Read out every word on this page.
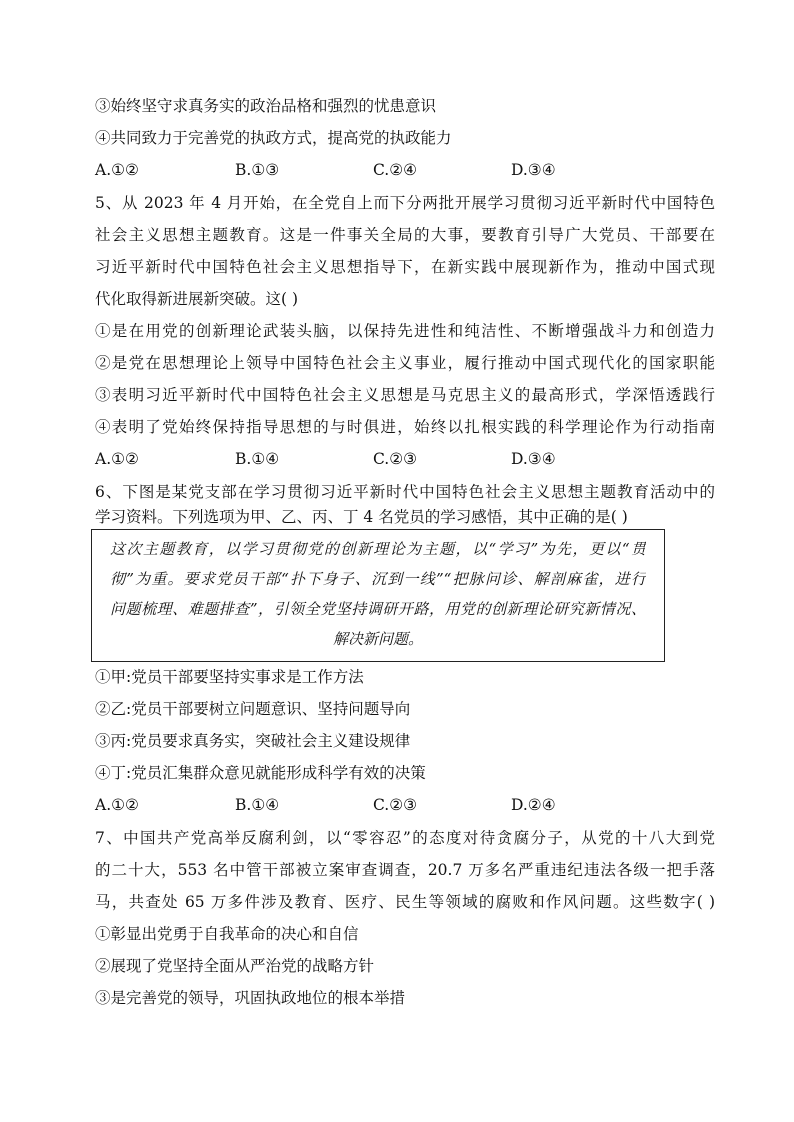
③始终坚守求真务实的政治品格和强烈的忧患意识
④共同致力于完善党的执政方式，提高党的执政能力
A.①②	B.①③	C.②④	D.③④
5、从 2023 年 4 月开始，在全党自上而下分两批开展学习贯彻习近平新时代中国特色
社会主义思想主题教育。这是一件事关全局的大事，要教育引导广大党员、干部要在
习近平新时代中国特色社会主义思想指导下，在新实践中展现新作为，推动中国式现
代化取得新进展新突破。这( )
①是在用党的创新理论武装头脑，以保持先进性和纯洁性、不断增强战斗力和创造力
②是党在思想理论上领导中国特色社会主义事业，履行推动中国式现代化的国家职能
③表明习近平新时代中国特色社会主义思想是马克思主义的最高形式，学深悟透践行
④表明了党始终保持指导思想的与时俱进，始终以扎根实践的科学理论作为行动指南
A.①②	B.①④	C.②③	D.③④
6、下图是某党支部在学习贯彻习近平新时代中国特色社会主义思想主题教育活动中的
学习资料。下列选项为甲、乙、丙、丁 4 名党员的学习感悟，其中正确的是( )
这次主题教育，以学习贯彻党的创新理论为主题，以“学习”为先，更以“贯
彻”为重。要求党员干部“扑下身子、沉到一线”“把脉问诊、解剖麻雀，进行
问题梳理、难题排查”，引领全党坚持调研开路，用党的创新理论研究新情况、
解决新问题。
①甲:党员干部要坚持实事求是工作方法
②乙:党员干部要树立问题意识、坚持问题导向
③丙:党员要求真务实，突破社会主义建设规律
④丁:党员汇集群众意见就能形成科学有效的决策
A.①②	B.①④	C.②③	D.②④
7、中国共产党高举反腐利剑，以“零容忍”的态度对待贪腐分子，从党的十八大到党
的二十大，553 名中管干部被立案审查调查，20.7 万多名严重违纪违法各级一把手落
马，共查处 65 万多件涉及教育、医疗、民生等领域的腐败和作风问题。这些数字( )
①彰显出党勇于自我革命的决心和自信
②展现了党坚持全面从严治党的战略方针
③是完善党的领导，巩固执政地位的根本举措
